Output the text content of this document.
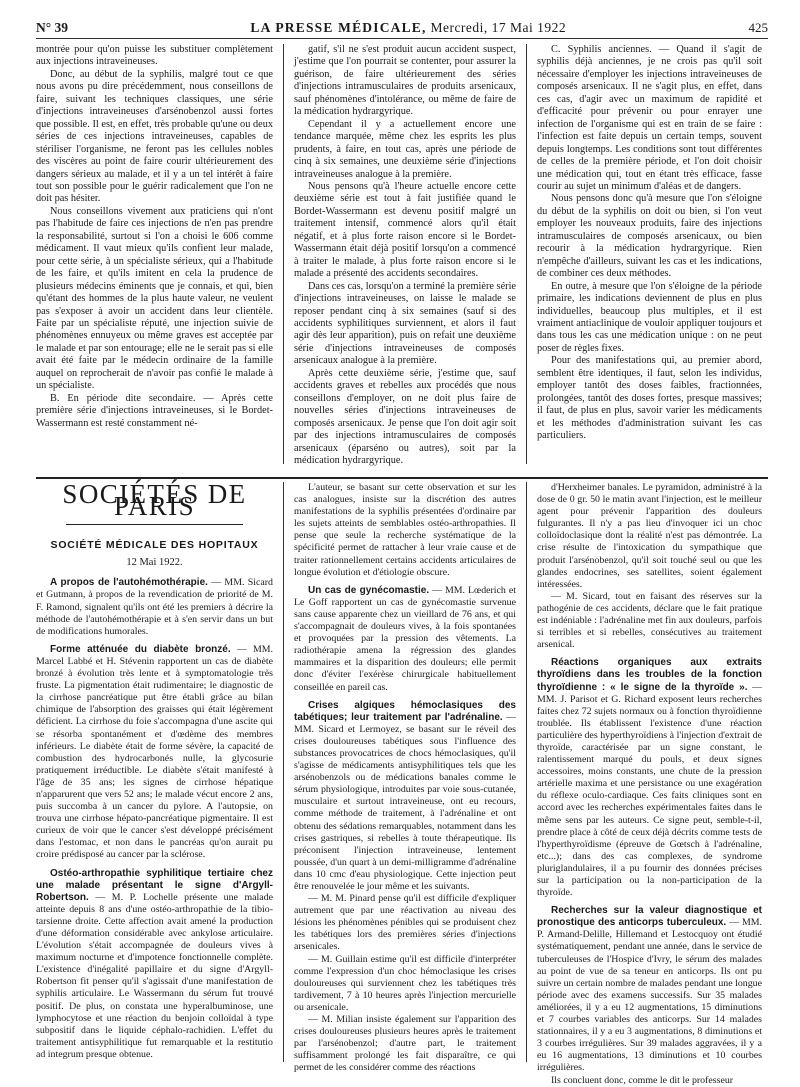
N° 39	LA PRESSE MÉDICALE, Mercredi, 17 Mai 1922	425

montrée pour qu'on puisse les substituer complètement aux injections intraveineuses.

Donc, au début de la syphilis, malgré tout ce que nous avons pu dire précédemment, nous conseillons de faire, suivant les techniques classiques, une série d'injections intraveineuses d'arsénobenzol aussi fortes que possible. Il est, en effet, très probable qu'une ou deux séries de ces injections intraveineuses, capables de stériliser l'organisme, ne feront pas les cellules nobles des viscères au point de faire courir ultérieurement des dangers sérieux au malade, et il y a un tel intérêt à faire tout son possible pour le guérir radicalement que l'on ne doit pas hésiter.

Nous conseillons vivement aux praticiens qui n'ont pas l'habitude de faire ces injections de n'en pas prendre la responsabilité, surtout si l'on a choisi le 606 comme médicament. Il vaut mieux qu'ils confient leur malade, pour cette série, à un spécialiste sérieux, qui a l'habitude de les faire, et qu'ils imitent en cela la prudence de plusieurs médecins éminents que je connais, et qui, bien qu'étant des hommes de la plus haute valeur, ne veulent pas s'exposer à avoir un accident dans leur clientèle. Faite par un spécialiste réputé, une injection suivie de phénomènes ennuyeux ou même graves est acceptée par le malade et par son entourage; elle ne le serait pas si elle avait été faite par le médecin ordinaire de la famille auquel on reprocherait de n'avoir pas confié le malade à un spécialiste.

B. En période dite secondaire. — Après cette première série d'injections intraveineuses, si le Bordet-Wassermann est resté constamment né-

gatif, s'il ne s'est produit aucun accident suspect, j'estime que l'on pourrait se contenter, pour assurer la guérison, de faire ultérieurement des séries d'injections intramusculaires de produits arsenicaux, sauf phénomènes d'intolérance, ou même de faire de la médication hydrargyrique.

Cependant il y a actuellement encore une tendance marquée, même chez les esprits les plus prudents, à faire, en tout cas, après une période de cinq à six semaines, une deuxième série d'injections intraveineuses analogue à la première.

Nous pensons qu'à l'heure actuelle encore cette deuxième série est tout à fait justifiée quand le Bordet-Wassermann est devenu positif malgré un traitement intensif, commencé alors qu'il était négatif, et à plus forte raison encore si le Bordet-Wassermann était déjà positif lorsqu'on a commencé à traiter le malade, à plus forte raison encore si le malade a présenté des accidents secondaires.

Dans ces cas, lorsqu'on a terminé la première série d'injections intraveineuses, on laisse le malade se reposer pendant cinq à six semaines (sauf si des accidents syphilitiques surviennent, et alors il faut agir dès leur apparition), puis on refait une deuxième série d'injections intraveineuses de composés arsenicaux analogue à la première.

Après cette deuxième série, j'estime que, sauf accidents graves et rebelles aux procédés que nous conseillons d'employer, on ne doit plus faire de nouvelles séries d'injections intraveineuses de composés arsenicaux. Je pense que l'on doit agir soit par des injections intramusculaires de composés arsenicaux (éparséno ou autres), soit par la médication hydrargyrique.

C. Syphilis anciennes. — Quand il s'agit de syphilis déjà anciennes, je ne crois pas qu'il soit nécessaire d'employer les injections intraveineuses de composés arsenicaux. Il ne s'agit plus, en effet, dans ces cas, d'agir avec un maximum de rapidité et d'efficacité pour prévenir ou pour enrayer une infection de l'organisme qui est en train de se faire : l'infection est faite depuis un certain temps, souvent depuis longtemps. Les conditions sont tout différentes de celles de la première période, et l'on doit choisir une médication qui, tout en étant très efficace, fasse courir au sujet un minimum d'aléas et de dangers.

Nous pensons donc qu'à mesure que l'on s'éloigne du début de la syphilis on doit ou bien, si l'on veut employer les nouveaux produits, faire des injections intramusculaires de composés arsenicaux, ou bien recourir à la médication hydrargyrique. Rien n'empêche d'ailleurs, suivant les cas et les indications, de combiner ces deux méthodes.

En outre, à mesure que l'on s'éloigne de la période primaire, les indications deviennent de plus en plus individuelles, beaucoup plus multiples, et il est vraiment antiaclinique de vouloir appliquer toujours et dans tous les cas une médication unique : on ne peut poser de règles fixes.

Pour des manifestations qui, au premier abord, semblent être identiques, il faut, selon les individus, employer tantôt des doses faibles, fractionnées, prolongées, tantôt des doses fortes, presque massives; il faut, de plus en plus, savoir varier les médicaments et les méthodes d'administration suivant les cas particuliers.

SOCIÉTÉS DE PARIS
SOCIÉTÉ MÉDICALE DES HOPITAUX
12 Mai 1922.

A propos de l'autohémothérapie. — MM. Sicard et Gutmann, à propos de la revendication de priorité de M. F. Ramond, signalent qu'ils ont été les premiers à décrire la méthode de l'autohémothérapie et à s'en servir dans un but de modifications humorales.

Forme atténuée du diabète bronzé. — MM. Marcel Labbé et H. Stévenin rapportent un cas de diabète bronzé à évolution très lente et à symptomatologie très fruste. La pigmentation était rudimentaire; le diagnostic de la cirrhose pancréatique put être établi grâce au bilan chimique de l'absorption des graisses qui était légèrement déficient. La cirrhose du foie s'accompagna d'une ascite qui se résorba spontanément et d'œdème des membres inférieurs. Le diabète était de forme sévère, la capacité de combustion des hydrocarbonés nulle, la glycosurie pratiquement irréductible. Le diabète s'était manifesté à l'âge de 35 ans; les signes de cirrhose hépatique n'apparurent que vers 52 ans; le malade vécut encore 2 ans, puis succomba à un cancer du pylore. A l'autopsie, on trouva une cirrhose hépato-pancréatique pigmentaire. Il est curieux de voir que le cancer s'est développé précisément dans l'estomac, et non dans le pancréas qu'on aurait pu croire prédisposé au cancer par la sclérose.

Ostéo-arthropathie syphilitique tertiaire chez une malade présentant le signe d'Argyll-Robertson. — M. P. Lochelle présente une malade atteinte depuis 8 ans d'une ostéo-arthropathie de la tibio-tarsienne droite. Cette affection avait amené la production d'une déformation considérable avec ankylose articulaire. L'évolution s'était accompagnée de douleurs vives à maximum nocturne et d'impotence fonctionnelle complète. L'existence d'inégalité papillaire et du signe d'Argyll-Robertson fit penser qu'il s'agissait d'une manifestation de syphilis articulaire. Le Wassermann du sérum fut trouvé positif. De plus, on constata une hyperalbuminose, une lymphocytose et une réaction du benjoin colloïdal à type subpositif dans le liquide céphalo-rachidien. L'effet du traitement antisyphilitique fut remarquable et la restitutio ad integrum presque obtenue.

L'auteur, se basant sur cette observation et sur les cas analogues, insiste sur la discrétion des autres manifestations de la syphilis présentées d'ordinaire par les sujets atteints de semblables ostéo-arthropathies. Il pense que seule la recherche systématique de la spécificité permet de rattacher à leur vraie cause et de traiter rationnellement certains accidents articulaires de longue évolution et d'étiologie obscure.

Un cas de gynécomastie. — MM. Lœderich et Le Goff rapportent un cas de gynécomastie survenue sans cause apparente chez un vieillard de 76 ans, et qui s'accompagnait de douleurs vives, à la fois spontanées et provoquées par la pression des vêtements. La radiothérapie amena la régression des glandes mammaires et la disparition des douleurs; elle permit donc d'éviter l'exérèse chirurgicale habituellement conseillée en pareil cas.

Crises algiques hémoclasiques des tabétiques; leur traitement par l'adrénaline. — MM. Sicard et Lermoyez, se basant sur le réveil des crises douloureuses tabétiques sous l'influence des substances provocatrices de chocs hémoclasiques, qu'il s'agisse de médicaments antisyphilitiques tels que les arsénobenzols ou de médications banales comme le sérum physiologique, introduites par voie sous-cutanée, musculaire et surtout intraveineuse, ont eu recours, comme méthode de traitement, à l'adrénaline et ont obtenu des sédations remarquables, notamment dans les crises gastriques, si rebelles à toute thérapeutique. Ils préconisent l'injection intraveineuse, lentement poussée, d'un quart à un demi-milligramme d'adrénaline dans 10 cmc d'eau physiologique. Cette injection peut être renouvelée le jour même et les suivants.

— M. M. Pinard pense qu'il est difficile d'expliquer autrement que par une réactivation au niveau des lésions les phénomènes pénibles qui se produisent chez les tabétiques lors des premières séries d'injections arsenicales.

— M. Guillain estime qu'il est difficile d'interpréter comme l'expression d'un choc hémoclasique les crises douloureuses qui surviennent chez les tabétiques très tardivement, 7 à 10 heures après l'injection mercurielle ou arsenicale.

— M. Milian insiste également sur l'apparition des crises douloureuses plusieurs heures après le traitement par l'arsénobenzol; d'autre part, le traitement suffisamment prolongé les fait disparaître, ce qui permet de les considérer comme des réactions

d'Herxheimer banales. Le pyramidon, administré à la dose de 0 gr. 50 le matin avant l'injection, est le meilleur agent pour prévenir l'apparition des douleurs fulgurantes. Il n'y a pas lieu d'invoquer ici un choc colloïdoclasique dont la réalité n'est pas démontrée. La crise résulte de l'intoxication du sympathique que produit l'arsénobenzol, qu'il soit touché seul ou que les glandes endocrines, ses satellites, soient également intéressées.

— M. Sicard, tout en faisant des réserves sur la pathogénie de ces accidents, déclare que le fait pratique est indéniable : l'adrénaline met fin aux douleurs, parfois si terribles et si rebelles, consécutives au traitement arsenical.

Réactions organiques aux extraits thyroïdiens dans les troubles de la fonction thyroïdienne : « le signe de la thyroïde ». — MM. J. Parisot et G. Richard exposent leurs recherches faites chez 72 sujets normaux ou à fonction thyroïdienne troublée. Ils établissent l'existence d'une réaction particulière des hyperthyroïdiens à l'injection d'extrait de thyroïde, caractérisée par un signe constant, le ralentissement marqué du pouls, et deux signes accessoires, moins constants, une chute de la pression artérielle maxima et une persistance ou une exagération du réflexe oculo-cardiaque. Ces faits cliniques sont en accord avec les recherches expérimentales faites dans le même sens par les auteurs. Ce signe peut, semble-t-il, prendre place à côté de ceux déjà décrits comme tests de l'hyperthyroïdisme (épreuve de Gœtsch à l'adrénaline, etc...); dans des cas complexes, de syndrome pluriglandulaires, il a pu fournir des données précises sur la participation ou la non-participation de la thyroïde.

Recherches sur la valeur diagnostique et pronostique des anticorps tuberculeux. — MM. P. Armand-Delille, Hillemand et Lestocquoy ont étudié systématiquement, pendant une année, dans le service de tuberculeuses de l'Hospice d'Ivry, le sérum des malades au point de vue de sa teneur en anticorps. Ils ont pu suivre un certain nombre de malades pendant une longue période avec des examens successifs. Sur 35 malades améliorées, il y a eu 12 augmentations, 15 diminutions et 7 courbes variables des anticorps. Sur 14 malades stationnaires, il y a eu 3 augmentations, 8 diminutions et 3 courbes irrégulières. Sur 39 malades aggravées, il y a eu 16 augmentations, 13 diminutions et 10 courbes irrégulières.

Ils concluent donc, comme le dit le professeur
